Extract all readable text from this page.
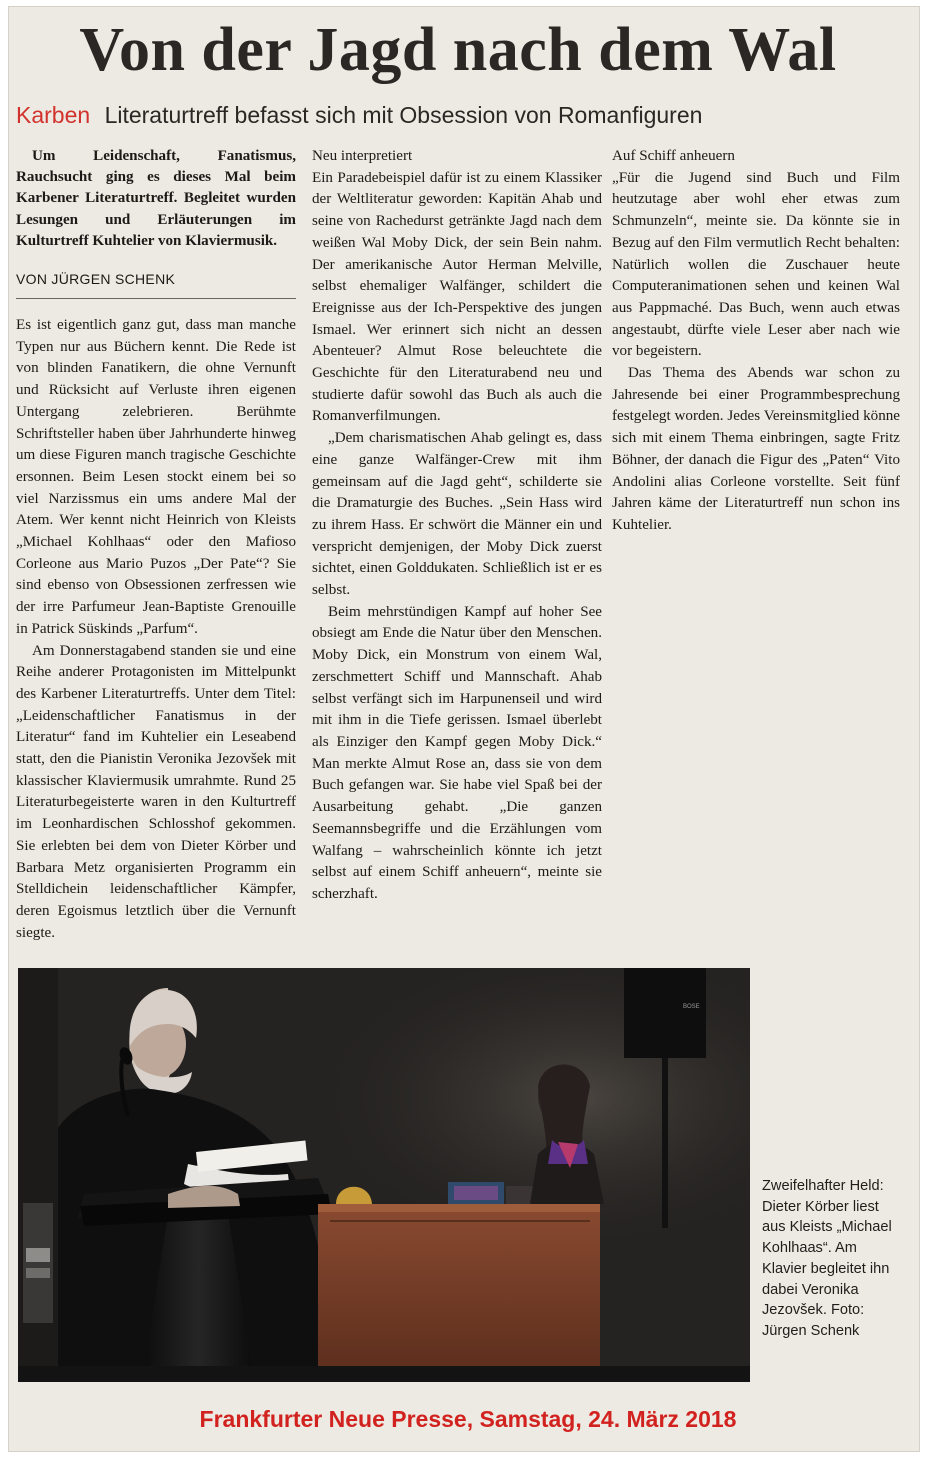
Von der Jagd nach dem Wal
Karben Literaturtreff befasst sich mit Obsession von Romanfiguren

Um Leidenschaft, Fanatismus, Rauchsucht ging es dieses Mal beim Karbener Literaturtreff. Begleitet wurden Lesungen und Erläuterungen im Kulturtreff Kuhtelier von Klaviermusik.

VON JÜRGEN SCHENK

Es ist eigentlich ganz gut, dass man manche Typen nur aus Büchern kennt. Die Rede ist von blinden Fanatikern, die ohne Vernunft und Rücksicht auf Verluste ihren eigenen Untergang zelebrieren. Berühmte Schriftsteller haben über Jahrhunderte hinweg um diese Figuren manch tragische Geschichte ersonnen. Beim Lesen stockt einem bei so viel Narzissmus ein ums andere Mal der Atem. Wer kennt nicht Heinrich von Kleists „Michael Kohlhaas“ oder den Mafioso Corleone aus Mario Puzos „Der Pate“? Sie sind ebenso von Obsessionen zerfressen wie der irre Parfumeur Jean-Baptiste Grenouille in Patrick Süskinds „Parfum“.

Am Donnerstagabend standen sie und eine Reihe anderer Protagonisten im Mittelpunkt des Karbener Literaturtreffs. Unter dem Titel: „Leidenschaftlicher Fanatismus in der Literatur“ fand im Kuhtelier ein Leseabend statt, den die Pianistin Veronika Jezovšek mit klassischer Klaviermusik umrahmte. Rund 25 Literaturbegeisterte waren in den Kulturtreff im Leonhardischen Schlosshof gekommen. Sie erlebten bei dem von Dieter Körber und Barbara Metz organisierten Programm ein Stelldichein leidenschaftlicher Kämpfer, deren Egoismus letztlich über die Vernunft siegte.

Neu interpretiert

Ein Paradebeispiel dafür ist zu einem Klassiker der Weltliteratur geworden: Kapitän Ahab und seine von Rachedurst getränkte Jagd nach dem weißen Wal Moby Dick, der sein Bein nahm. Der amerikanische Autor Herman Melville, selbst ehemaliger Walfänger, schildert die Ereignisse aus der Ich-Perspektive des jungen Ismael. Wer erinnert sich nicht an dessen Abenteuer? Almut Rose beleuchtete die Geschichte für den Literaturabend neu und studierte dafür sowohl das Buch als auch die Romanverfilmungen.

„Dem charismatischen Ahab gelingt es, dass eine ganze Walfänger-Crew mit ihm gemeinsam auf die Jagd geht“, schilderte sie die Dramaturgie des Buches. „Sein Hass wird zu ihrem Hass. Er schwört die Männer ein und verspricht demjenigen, der Moby Dick zuerst sichtet, einen Golddukaten. Schließlich ist er es selbst.

Beim mehrstündigen Kampf auf hoher See obsiegt am Ende die Natur über den Menschen. Moby Dick, ein Monstrum von einem Wal, zerschmettert Schiff und Mannschaft. Ahab selbst verfängt sich im Harpunenseil und wird mit ihm in die Tiefe gerissen. Ismael überlebt als Einziger den Kampf gegen Moby Dick.“ Man merkte Almut Rose an, dass sie von dem Buch gefangen war. Sie habe viel Spaß bei der Ausarbeitung gehabt. „Die ganzen Seemannsbegriffe und die Erzählungen vom Walfang – wahrscheinlich könnte ich jetzt selbst auf einem Schiff anheuern“, meinte sie scherzhaft.

Auf Schiff anheuern

„Für die Jugend sind Buch und Film heutzutage aber wohl eher etwas zum Schmunzeln“, meinte sie. Da könnte sie in Bezug auf den Film vermutlich Recht behalten: Natürlich wollen die Zuschauer heute Computeranimationen sehen und keinen Wal aus Pappmaché. Das Buch, wenn auch etwas angestaubt, dürfte viele Leser aber nach wie vor begeistern.

Das Thema des Abends war schon zu Jahresende bei einer Programmbesprechung festgelegt worden. Jedes Vereinsmitglied könne sich mit einem Thema einbringen, sagte Fritz Böhner, der danach die Figur des „Paten“ Vito Andolini alias Corleone vorstellte. Seit fünf Jahren käme der Literaturtreff nun schon ins Kuhtelier.

BOSE
Zweifelhafter Held: Dieter Körber liest aus Kleists „Michael Kohlhaas“. Am Klavier begleitet ihn dabei Veronika Jezovšek. Foto: Jürgen Schenk
Frankfurter Neue Presse, Samstag, 24. März 2018
